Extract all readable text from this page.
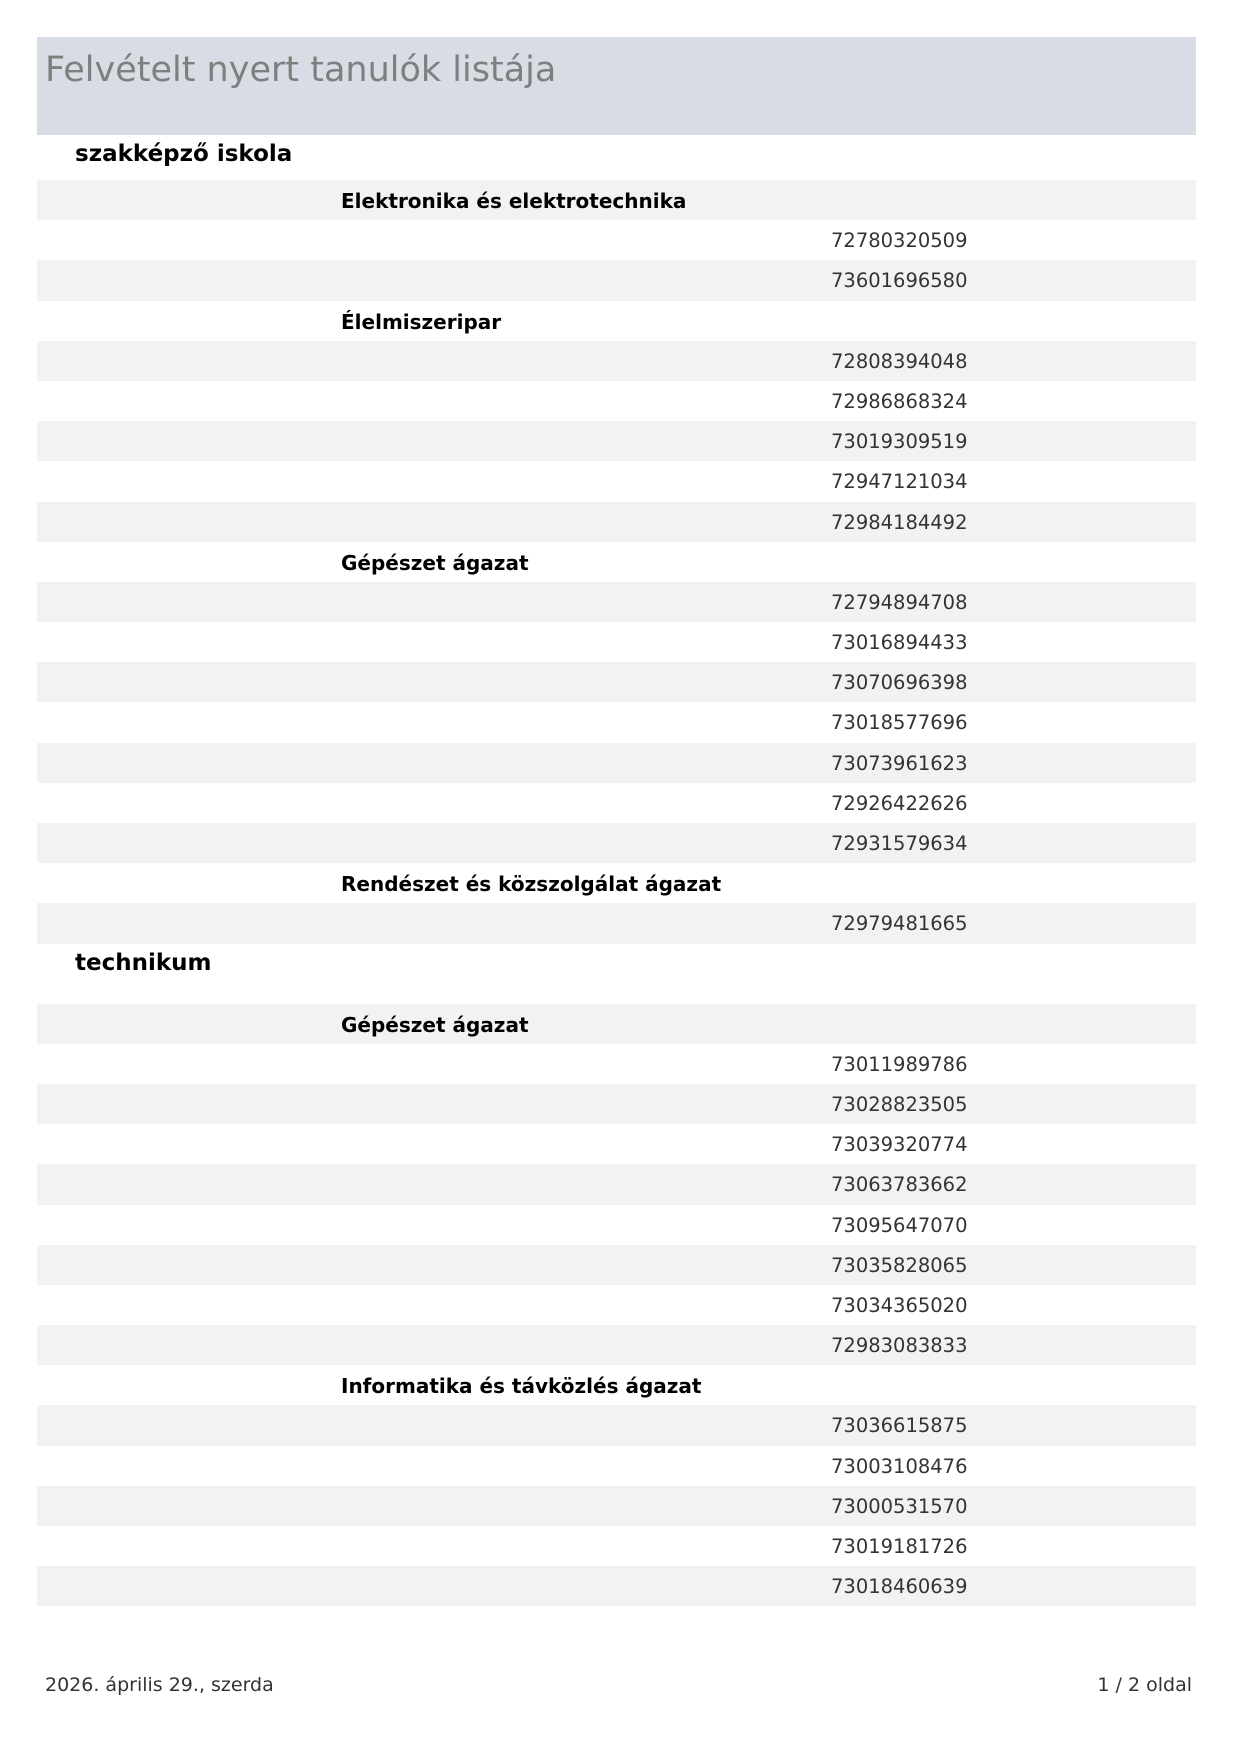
Felvételt nyert tanulók listája
szakképző iskola
Elektronika és elektrotechnika
72780320509
73601696580
Élelmiszeripar
72808394048
72986868324
73019309519
72947121034
72984184492
Gépészet ágazat
72794894708
73016894433
73070696398
73018577696
73073961623
72926422626
72931579634
Rendészet és közszolgálat ágazat
72979481665
technikum
Gépészet ágazat
73011989786
73028823505
73039320774
73063783662
73095647070
73035828065
73034365020
72983083833
Informatika és távközlés ágazat
73036615875
73003108476
73000531570
73019181726
73018460639
2026. április 29., szerda	1 / 2 oldal
